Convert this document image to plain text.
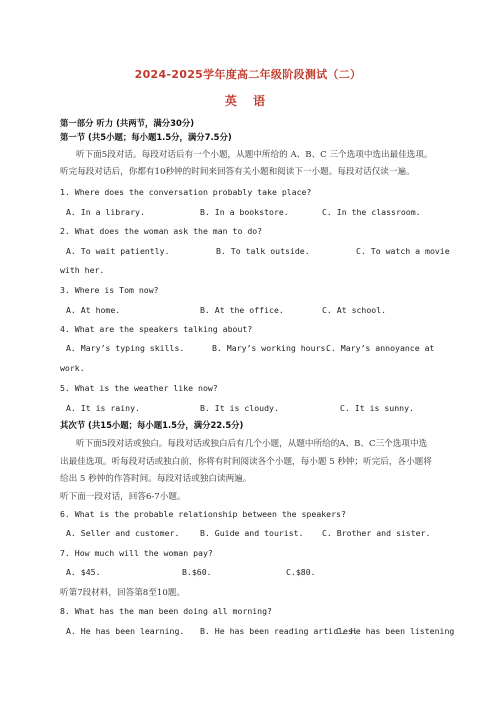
2024-2025学年度高二年级阶段测试（二）
英 语
第一部分 听力 (共两节，满分30分)
第一节 (共5小题；每小题1.5分，满分7.5分)
听下面5段对话。每段对话后有一个小题，从题中所给的 A、B、C 三个选项中选出最佳选项。
听完每段对话后，你都有10秒钟的时间来回答有关小题和阅读下一小题。每段对话仅读一遍。
1. Where does the conversation probably take place?
A. In a library.	B. In a bookstore.	C. In the classroom.
2. What does the woman ask the man to do?
A. To wait patiently.	B. To talk outside.	C. To watch a movie
with her.
3. Where is Tom now?
A. At home.	B. At the office.	C. At school.
4. What are the speakers talking about?
A. Mary’s typing skills.	B. Mary’s working hours.
C. Mary’s annoyance at
work.
5. What is the weather like now?
A. It is rainy.	B. It is cloudy.	C. It is sunny.
其次节 (共15小题；每小题1.5分，满分22.5分)
听下面5段对话或独白。每段对话或独白后有几个小题，从题中所给的A、B、C三个选项中选
出最佳选项。听每段对话或独白前，你将有时间阅读各个小题，每小题 5 秒钟；听完后，各小题将
给出 5 秒钟的作答时间。每段对话或独白读两遍。
听下面一段对话，回答6-7小题。
6. What is the probable relationship between the speakers?
A. Seller and customer.	B. Guide and tourist. C. Brother and sister.
7. How much will the woman pay?
A. $45.	B.$60.	C.$80.
听第7段材料，回答第8至10题。
8. What has the man been doing all morning?
A. He has been learning. B. He has been reading articles.
C. He has been listening
